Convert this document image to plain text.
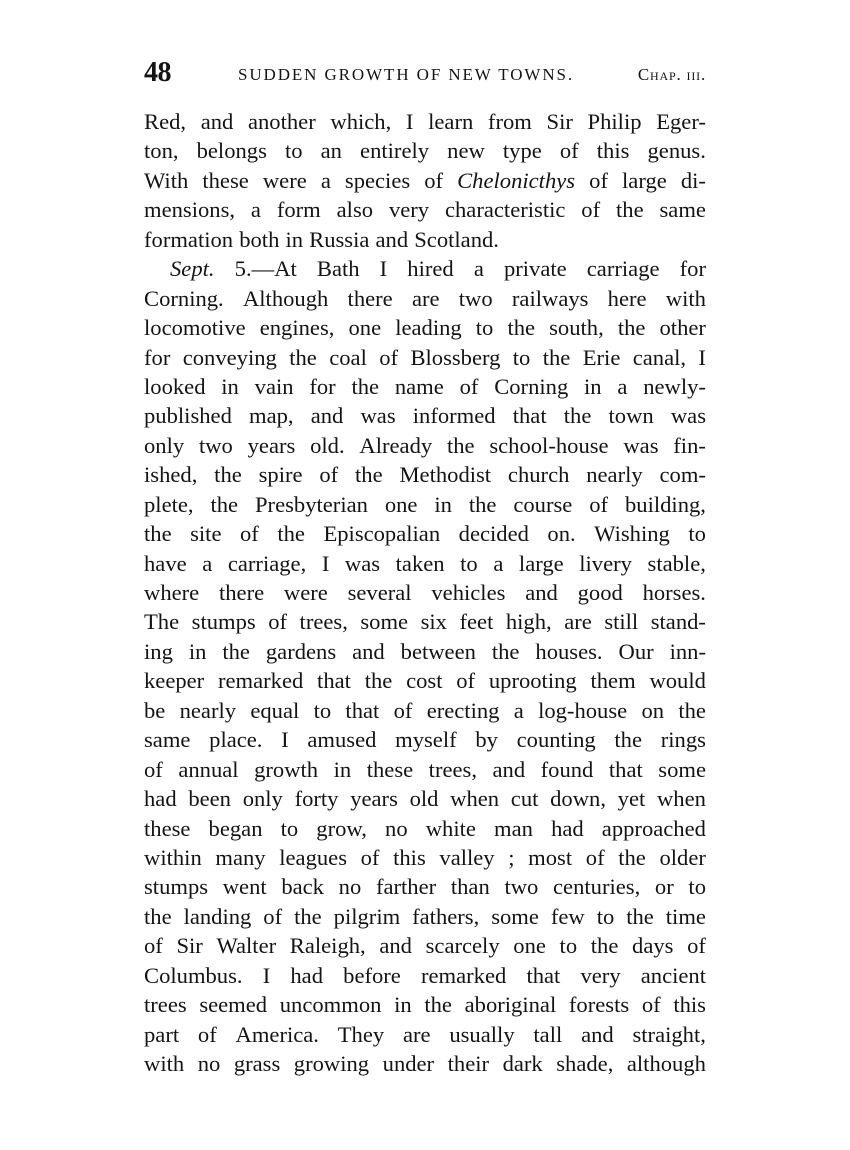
48	SUDDEN GROWTH OF NEW TOWNS.	Chap. iii.
Red, and another which, I learn from Sir Philip Eger-
ton, belongs to an entirely new type of this genus.
With these were a species of Chelonicthys of large di-
mensions, a form also very characteristic of the same
formation both in Russia and Scotland.
Sept. 5.—At Bath I hired a private carriage for
Corning. Although there are two railways here with
locomotive engines, one leading to the south, the other
for conveying the coal of Blossberg to the Erie canal, I
looked in vain for the name of Corning in a newly-
published map, and was informed that the town was
only two years old. Already the school-house was fin-
ished, the spire of the Methodist church nearly com-
plete, the Presbyterian one in the course of building,
the site of the Episcopalian decided on. Wishing to
have a carriage, I was taken to a large livery stable,
where there were several vehicles and good horses.
The stumps of trees, some six feet high, are still stand-
ing in the gardens and between the houses. Our inn-
keeper remarked that the cost of uprooting them would
be nearly equal to that of erecting a log-house on the
same place. I amused myself by counting the rings
of annual growth in these trees, and found that some
had been only forty years old when cut down, yet when
these began to grow, no white man had approached
within many leagues of this valley ; most of the older
stumps went back no farther than two centuries, or to
the landing of the pilgrim fathers, some few to the time
of Sir Walter Raleigh, and scarcely one to the days of
Columbus. I had before remarked that very ancient
trees seemed uncommon in the aboriginal forests of this
part of America. They are usually tall and straight,
with no grass growing under their dark shade, although
